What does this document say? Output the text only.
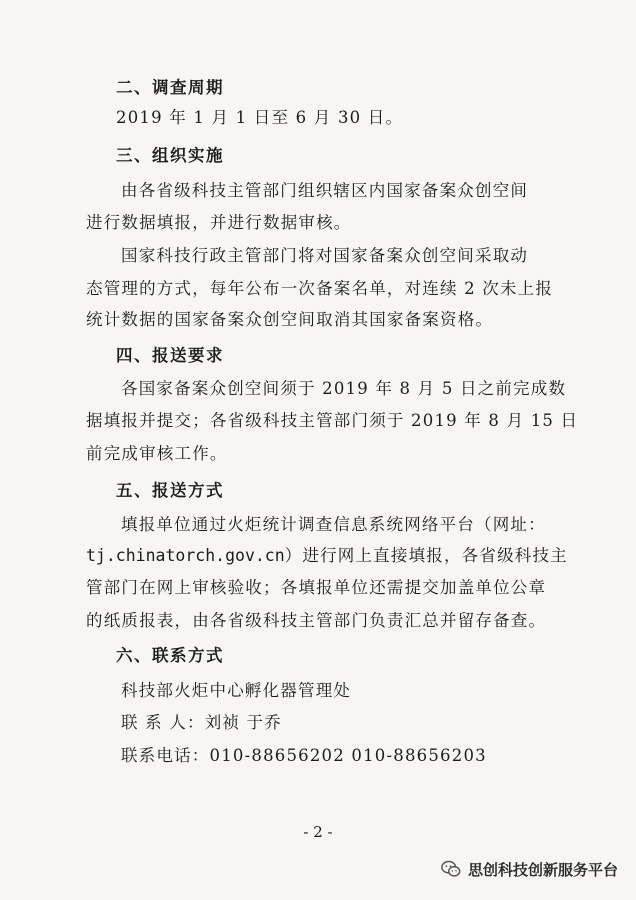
二、调查周期
2019 年 1 月 1 日至 6 月 30 日。
三、组织实施
由各省级科技主管部门组织辖区内国家备案众创空间
进行数据填报，并进行数据审核。
国家科技行政主管部门将对国家备案众创空间采取动
态管理的方式，每年公布一次备案名单，对连续 2 次未上报
统计数据的国家备案众创空间取消其国家备案资格。
四、报送要求
各国家备案众创空间须于 2019 年 8 月 5 日之前完成数
据填报并提交；各省级科技主管部门须于 2019 年 8 月 15 日
前完成审核工作。
五、报送方式
填报单位通过火炬统计调查信息系统网络平台（网址：
tj.chinatorch.gov.cn）进行网上直接填报，各省级科技主
管部门在网上审核验收；各填报单位还需提交加盖单位公章
的纸质报表，由各省级科技主管部门负责汇总并留存备查。
六、联系方式
科技部火炬中心孵化器管理处
联 系 人：刘祯 于乔
联系电话：010-88656202 010-88656203
- 2 -
思创科技创新服务平台
